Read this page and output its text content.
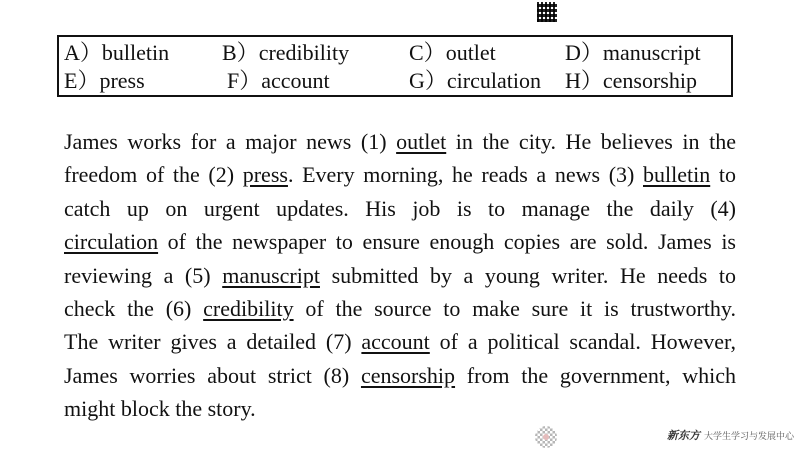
A）bulletin B）credibility	C）outlet	D）manuscript
E）press	F）account	G）circulation H）censorship
James works for a major news (1) outlet in the city. He believes in the
freedom of the (2) press. Every morning, he reads a news (3) bulletin to
catch up on urgent updates. His job is to manage the daily (4)
circulation of the newspaper to ensure enough copies are sold. James is
reviewing a (5) manuscript submitted by a young writer. He needs to
check the (6) credibility of the source to make sure it is trustworthy.
The writer gives a detailed (7) account of a political scandal. However,
James worries about strict (8) censorship from the government, which
might block the story.
新东方 大学生学习与发展中心
